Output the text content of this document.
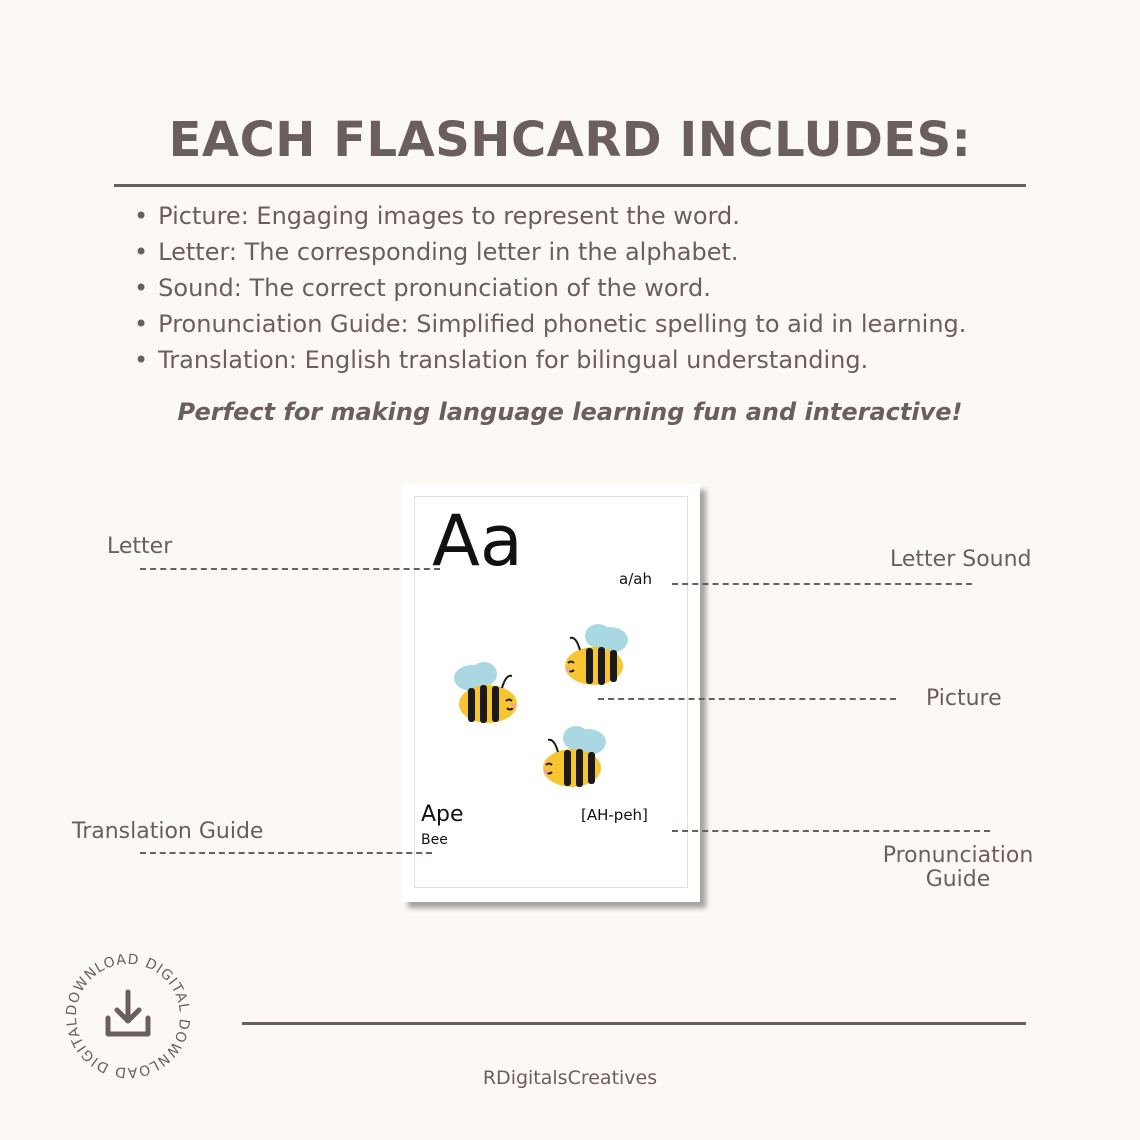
EACH FLASHCARD INCLUDES:
• Picture: Engaging images to represent the word.
• Letter: The corresponding letter in the alphabet.
• Sound: The correct pronunciation of the word.
• Pronunciation Guide: Simplified phonetic spelling to aid in learning.
• Translation: English translation for bilingual understanding.
Perfect for making language learning fun and interactive!
Aa	a/ah
Ape
Bee
[AH-peh]
Letter
Letter Sound
Picture
Translation Guide
Pronunciation
Guide
DOWNLOAD DIGITAL DOWNLOAD DIGITAL
RDigitalsCreatives
